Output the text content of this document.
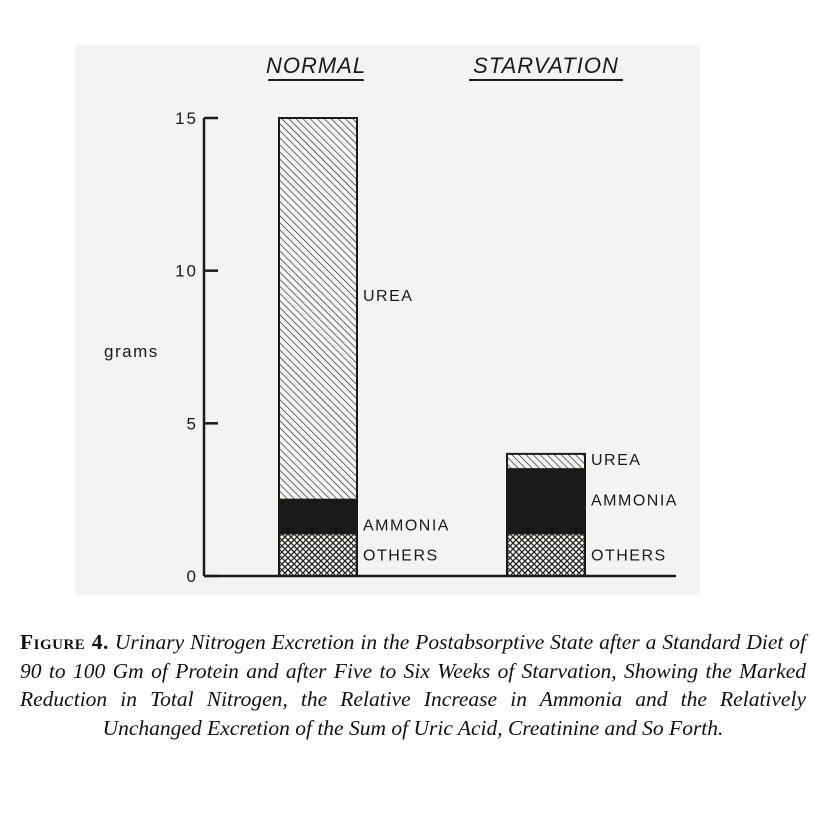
0
5
10
15
grams
NORMAL	STARVATION
OTHERS
AMMONIA
UREA
OTHERS
AMMONIA
UREA
Figure 4. Urinary Nitrogen Excretion in the Postabsorptive State after a Standard Diet of 90 to 100 Gm of Protein and after Five to Six Weeks of Starvation, Showing the Marked Reduction in Total Nitrogen, the Relative Increase in Ammonia and the Relatively Unchanged Excretion of the Sum of Uric Acid, Creatinine and So Forth.
